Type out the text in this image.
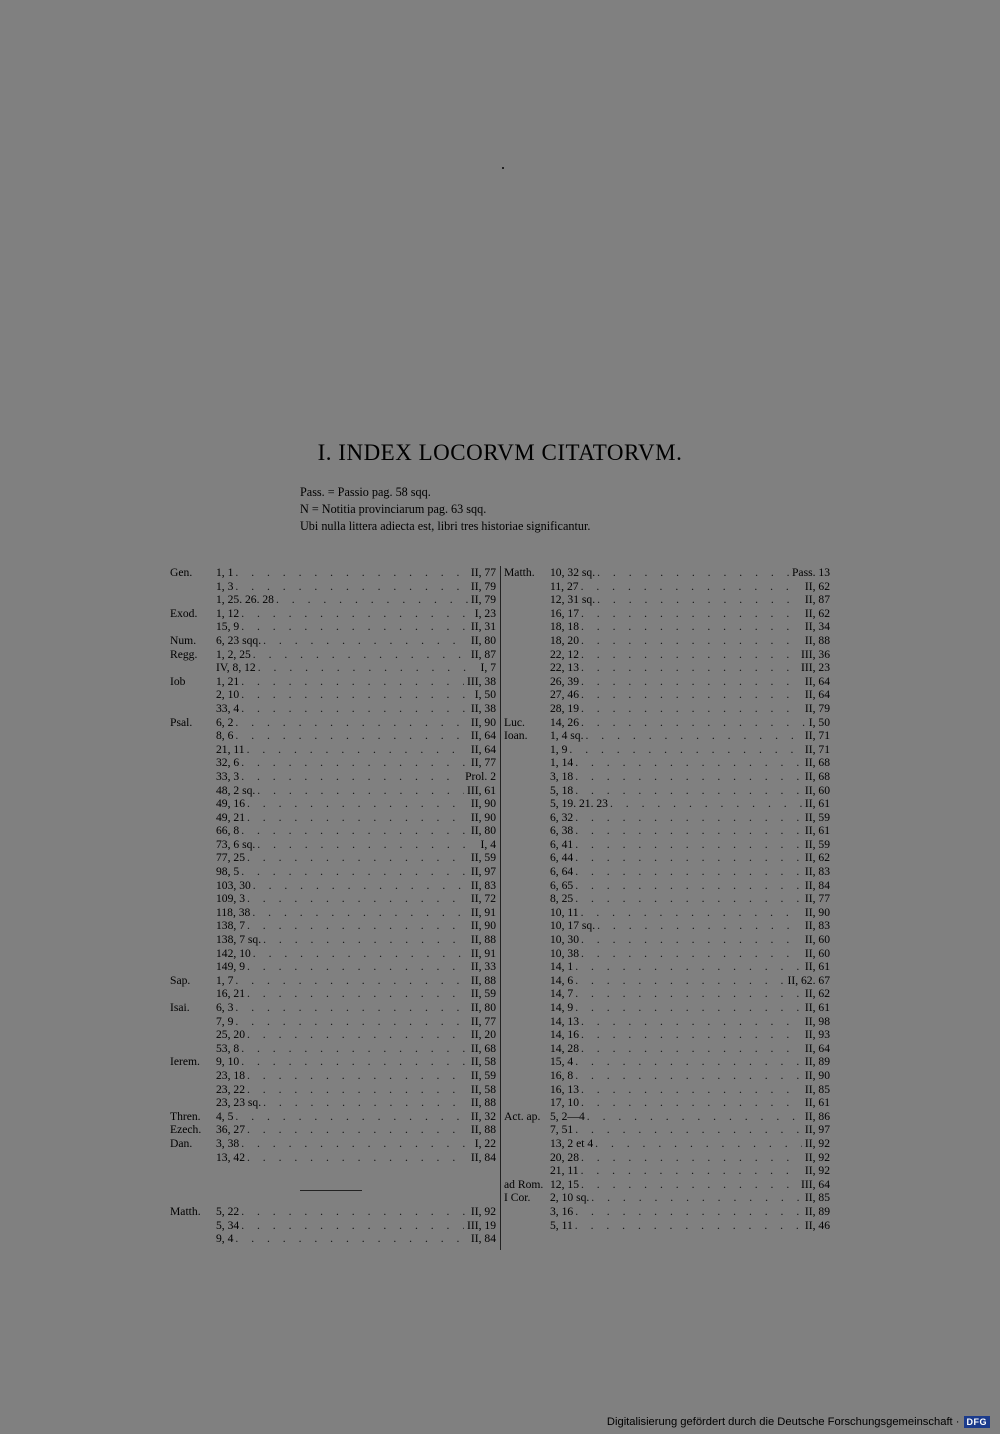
I. INDEX LOCORVM CITATORVM.
Pass. = Passio pag. 58 sqq.
N = Notitia provinciarum pag. 63 sqq.
Ubi nulla littera adiecta est, libri tres historiae significantur.
Gen.	1, 1 . . .	II, 77
1, 3 . . .	II, 79
1, 25. 26. 28 . . .	II, 79
Exod.	1, 12 . . .	I, 23
15, 9 . . .	II, 31
Num.	6, 23 sqq. . . .	II, 80
Regg.	1, 2, 25 . . .	II, 87
IV, 8, 12 . . .	I, 7
Iob	1, 21 . . .	III, 38
2, 10 . . .	I, 50
33, 4 . . .	II, 38
Psal.	6, 2 . . .	II, 90
8, 6 . . .	II, 64
21, 11 . . .	II, 64
32, 6 . . .	II, 77
33, 3 . . .	Prol. 2
48, 2 sq. . . .	III, 61
49, 16 . . .	II, 90
49, 21 . . .	II, 90
66, 8 . . .	II, 80
73, 6 sq. . . .	I, 4
77, 25 . . .	II, 59
98, 5 . . .	II, 97
103, 30 . . .	II, 83
109, 3 . . .	II, 72
118, 38 . . .	II, 91
138, 7 . . .	II, 90
138, 7 sq. . . .	II, 88
142, 10 . . .	II, 91
149, 9 . . .	II, 33
Sap.	1, 7 . . .	II, 88
16, 21 . . .	II, 59
Isai.	6, 3 . . .	II, 80
7, 9 . . .	II, 77
25, 20 . . .	II, 20
53, 8 . . .	II, 68
Ierem.	9, 10 . . .	II, 58
23, 18 . . .	II, 59
23, 22 . . .	II, 58
23, 23 sq. . . .	II, 88
Thren.	4, 5 . . .	II, 32
Ezech.	36, 27 . . .	II, 88
Dan.	3, 38 . . .	I, 22
13, 42 . . .	II, 84
Matth.	5, 22 . . .	II, 92
5, 34 . . .	III, 19
9, 4 . . .	II, 84
Matth.	10, 32 sq. . . .	Pass. 13
11, 27 . . .	II, 62
12, 31 sq. . . .	II, 87
16, 17 . . .	II, 62
18, 18 . . .	II, 34
18, 20 . . .	II, 88
22, 12 . . .	III, 36
22, 13 . . .	III, 23
26, 39 . . .	II, 64
27, 46 . . .	II, 64
28, 19 . . .	II, 79
Luc.	14, 26 . . .	I, 50
Ioan.	1, 4 sq. . . .	II, 71
1, 9 . . .	II, 71
1, 14 . . .	II, 68
3, 18 . . .	II, 68
5, 18 . . .	II, 60
5, 19. 21. 23 . . .	II, 61
6, 32 . . .	II, 59
6, 38 . . .	II, 61
6, 41 . . .	II, 59
6, 44 . . .	II, 62
6, 64 . . .	II, 83
6, 65 . . .	II, 84
8, 25 . . .	II, 77
10, 11 . . .	II, 90
10, 17 sq. . . .	II, 83
10, 30 . . .	II, 60
10, 38 . . .	II, 60
14, 1 . . .	II, 61
14, 6 . . .	II, 62. 67
14, 7 . . .	II, 62
14, 9 . . .	II, 61
14, 13 . . .	II, 98
14, 16 . . .	II, 93
14, 28 . . .	II, 64
15, 4 . . .	II, 89
16, 8 . . .	II, 90
16, 13 . . .	II, 85
17, 10 . . .	II, 61
Act. ap. 5, 2—4 . . .	II, 86
7, 51 . . .	II, 97
13, 2 et 4 . . .	II, 92
20, 28 . . .	II, 92
21, 11 . . .	II, 92
ad Rom. 12, 15 . . .	III, 64
I Cor.	2, 10 sq. . . .	II, 85
3, 16 . . .	II, 89
5, 11 . . .	II, 46
Digitalisierung gefördert durch die Deutsche Forschungsgemeinschaft · DFG
